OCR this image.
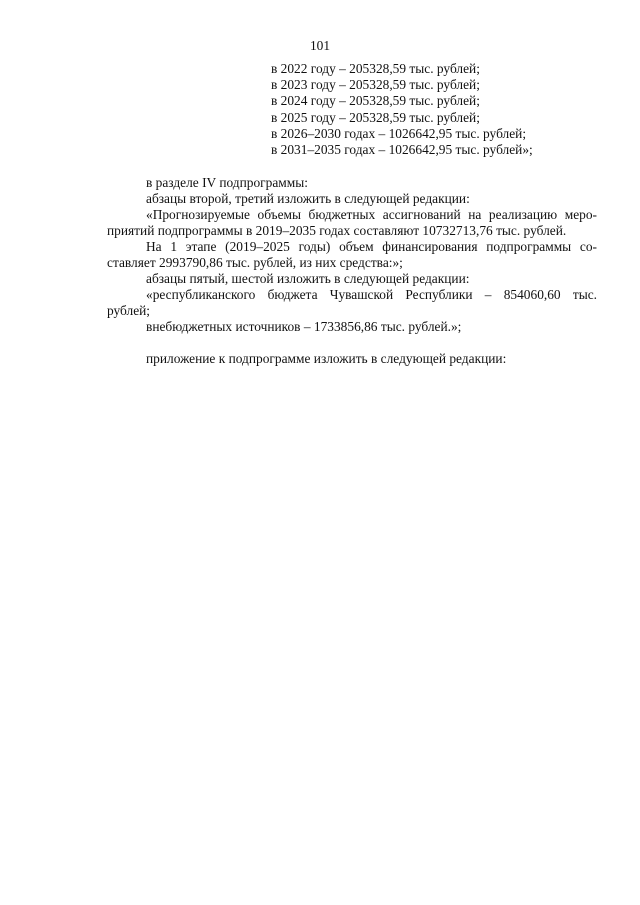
101
в 2022 году – 205328,59 тыс. рублей;
в 2023 году – 205328,59 тыс. рублей;
в 2024 году – 205328,59 тыс. рублей;
в 2025 году – 205328,59 тыс. рублей;
в 2026–2030 годах – 1026642,95 тыс. рублей;
в 2031–2035 годах – 1026642,95 тыс. рублей»;

в разделе IV подпрограммы:

абзацы второй, третий изложить в следующей редакции:

«Прогнозируемые объемы бюджетных ассигнований на реализацию меро-

приятий подпрограммы в 2019–2035 годах составляют 10732713,76 тыс. рублей.

На 1 этапе (2019–2025 годы) объем финансирования подпрограммы со-

ставляет 2993790,86 тыс. рублей, из них средства:»;

абзацы пятый, шестой изложить в следующей редакции:

«республиканского бюджета Чувашской Республики – 854060,60 тыс.

рублей;

внебюджетных источников – 1733856,86 тыс. рублей.»;

приложение к подпрограмме изложить в следующей редакции:
